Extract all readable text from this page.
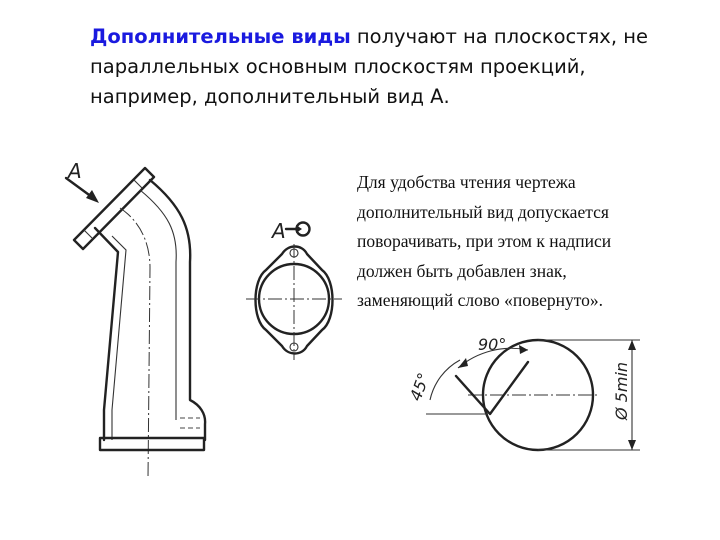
Дополнительные виды получают на плоскостях, не параллельных основным плоскостям проекций, например, дополнительный вид А.
Для удобства чтения чертежа
дополнительный вид допускается
поворачивать, при этом к надписи
должен быть добавлен знак,
заменяющий слово «повернуто».
А
А
90°
45°	Ø 5min
